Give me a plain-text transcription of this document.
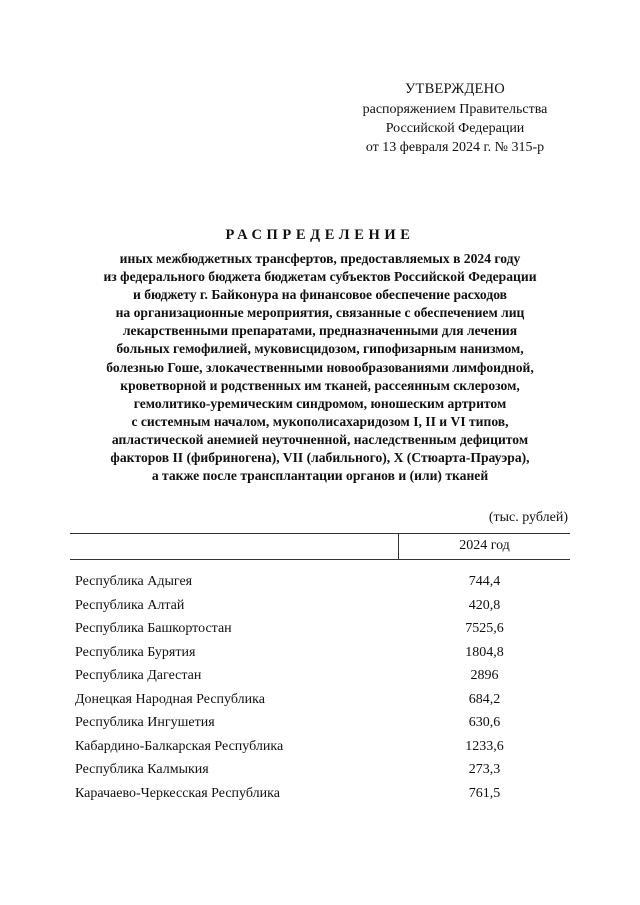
УТВЕРЖДЕНО
распоряжением Правительства
Российской Федерации
от 13 февраля 2024 г. № 315-р
РАСПРЕДЕЛЕНИЕ
иных межбюджетных трансфертов, предоставляемых в 2024 году
из федерального бюджета бюджетам субъектов Российской Федерации
и бюджету г. Байконура на финансовое обеспечение расходов
на организационные мероприятия, связанные с обеспечением лиц
лекарственными препаратами, предназначенными для лечения
больных гемофилией, муковисцидозом, гипофизарным нанизмом,
болезнью Гоше, злокачественными новообразованиями лимфоидной,
кроветворной и родственных им тканей, рассеянным склерозом,
гемолитико-уремическим синдромом, юношеским артритом
с системным началом, мукополисахаридозом I, II и VI типов,
апластической анемией неуточненной, наследственным дефицитом
факторов II (фибриногена), VII (лабильного), X (Стюарта-Прауэра),
а также после трансплантации органов и (или) тканей
(тыс. рублей)
2024 год
Республика Адыгея	744,4
Республика Алтай	420,8
Республика Башкортостан	7525,6
Республика Бурятия	1804,8
Республика Дагестан	2896
Донецкая Народная Республика	684,2
Республика Ингушетия	630,6
Кабардино-Балкарская Республика	1233,6
Республика Калмыкия	273,3
Карачаево-Черкесская Республика	761,5
